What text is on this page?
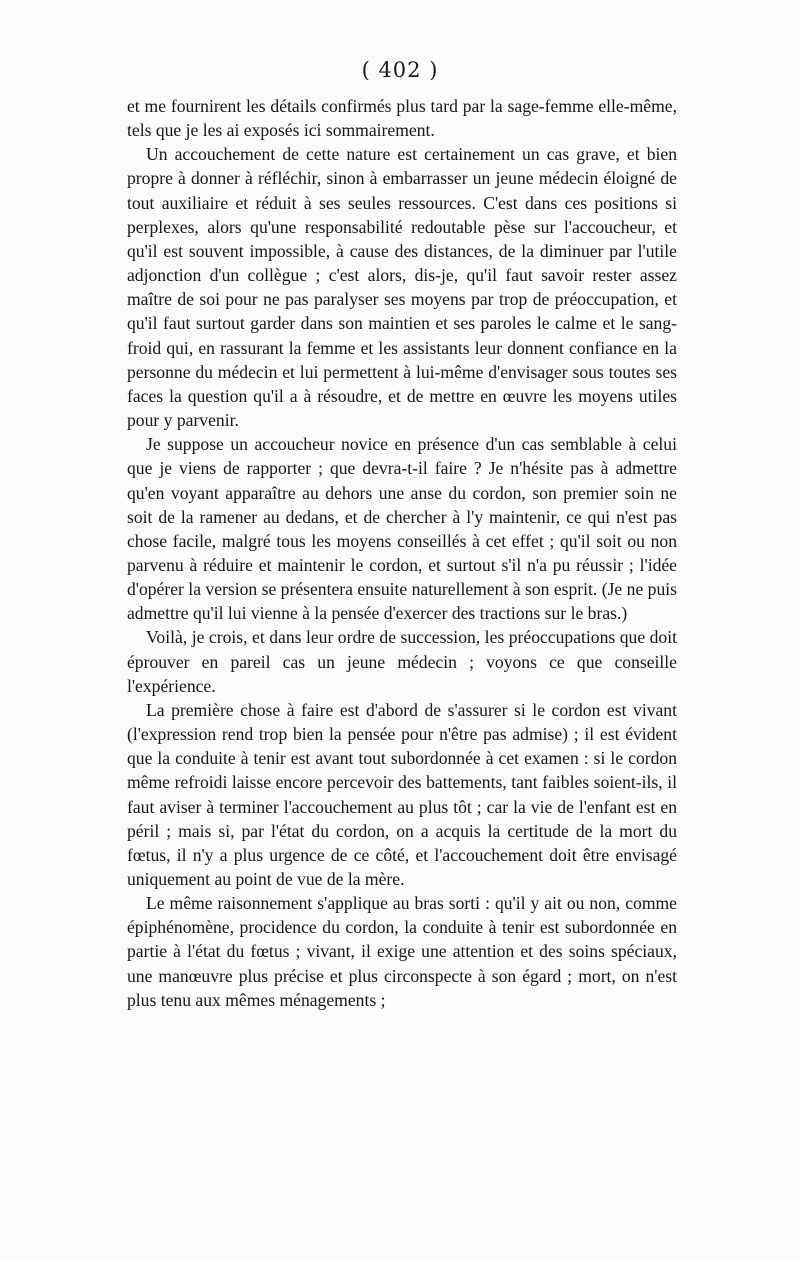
( 402 )

et me fournirent les détails confirmés plus tard par la sage-femme elle-même, tels que je les ai exposés ici sommairement.

Un accouchement de cette nature est certainement un cas grave, et bien propre à donner à réfléchir, sinon à embarrasser un jeune médecin éloigné de tout auxiliaire et réduit à ses seules ressources. C'est dans ces positions si perplexes, alors qu'une responsabilité redoutable pèse sur l'accoucheur, et qu'il est souvent impossible, à cause des distances, de la diminuer par l'utile adjonction d'un collègue ; c'est alors, dis-je, qu'il faut savoir rester assez maître de soi pour ne pas paralyser ses moyens par trop de préoccupation, et qu'il faut surtout garder dans son maintien et ses paroles le calme et le sang-froid qui, en rassurant la femme et les assistants leur donnent confiance en la personne du médecin et lui permettent à lui-même d'envisager sous toutes ses faces la question qu'il a à résoudre, et de mettre en œuvre les moyens utiles pour y parvenir.

Je suppose un accoucheur novice en présence d'un cas semblable à celui que je viens de rapporter ; que devra-t-il faire ? Je n'hésite pas à admettre qu'en voyant apparaître au dehors une anse du cordon, son premier soin ne soit de la ramener au dedans, et de chercher à l'y maintenir, ce qui n'est pas chose facile, malgré tous les moyens conseillés à cet effet ; qu'il soit ou non parvenu à réduire et maintenir le cordon, et surtout s'il n'a pu réussir ; l'idée d'opérer la version se présentera ensuite naturellement à son esprit. (Je ne puis admettre qu'il lui vienne à la pensée d'exercer des tractions sur le bras.)

Voilà, je crois, et dans leur ordre de succession, les préoccupations que doit éprouver en pareil cas un jeune médecin ; voyons ce que conseille l'expérience.

La première chose à faire est d'abord de s'assurer si le cordon est vivant (l'expression rend trop bien la pensée pour n'être pas admise) ; il est évident que la conduite à tenir est avant tout subordonnée à cet examen : si le cordon même refroidi laisse encore percevoir des battements, tant faibles soient-ils, il faut aviser à terminer l'accouchement au plus tôt ; car la vie de l'enfant est en péril ; mais si, par l'état du cordon, on a acquis la certitude de la mort du fœtus, il n'y a plus urgence de ce côté, et l'accouchement doit être envisagé uniquement au point de vue de la mère.

Le même raisonnement s'applique au bras sorti : qu'il y ait ou non, comme épiphénomène, procidence du cordon, la conduite à tenir est subordonnée en partie à l'état du fœtus ; vivant, il exige une attention et des soins spéciaux, une manœuvre plus précise et plus circonspecte à son égard ; mort, on n'est plus tenu aux mêmes ménagements ;
